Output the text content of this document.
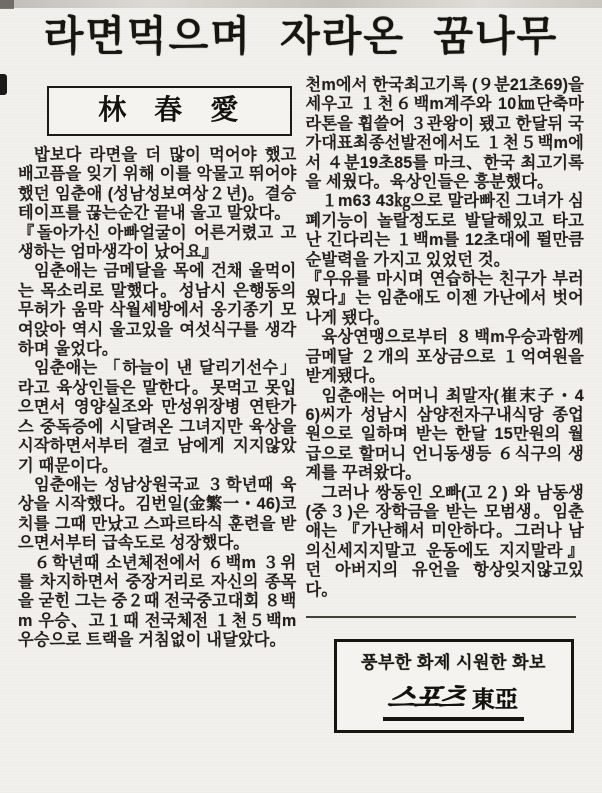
라면먹으며 자라온 꿈나무
林 春 愛

밥보다 라면을 더 많이 먹어야 했고 배고픔을 잊기 위해 이를 악물고 뛰어야 했던 임춘애 (성남성보여상２년)。결승테이프를 끊는순간 끝내 울고 말았다。

『돌아가신 아빠얼굴이 어른거렸고 고생하는 엄마생각이 났어요』

임춘애는 금메달을 목에 건채 울먹이는 목소리로 말했다。성남시 은행동의 무허가 움막 삭월세방에서 옹기종기 모여앉아 역시 울고있을 여섯식구를 생각하며 울었다。

임춘애는 「하늘이 낸 달리기선수」라고 육상인들은 말한다。못먹고 못입으면서 영양실조와 만성위장병 연탄가스 중독증에 시달려온 그녀지만 육상을 시작하면서부터 결코 남에게 지지않았기 때문이다。

임춘애는 성남상원국교 ３학년때 육상을 시작했다。김번일(金繁一・46)코치를 그때 만났고 스파르타식 훈련을 받으면서부터 급속도로 성장했다。

６학년때 소년체전에서 ６백m ３위를 차지하면서 중장거리로 자신의 종목을 굳힌 그는 중２때 전국중고대회 ８백m 우승、고１때 전국체전 １천５백m 우승으로 트랙을 거침없이 내달았다。

천m에서 한국최고기록 (９분21초69)을 세우고 １천６백m계주와 10㎞단축마라톤을 휩쓸어 ３관왕이 됐고 한달뒤 국가대표최종선발전에서도 １천５백m에서 ４분19초85를 마크、한국 최고기록을 세웠다。육상인들은 흥분했다。

１m63 43㎏으로 말라빠진 그녀가 심폐기능이 놀랄정도로 발달해있고 타고난 긴다리는 １백m를 12초대에 뛸만큼 순발력을 가지고 있었던 것。

『우유를 마시며 연습하는 친구가 부러웠다』는 임춘애도 이젠 가난에서 벗어나게 됐다。

육상연맹으로부터 ８백m우승과함께 금메달 ２개의 포상금으로 １억여원을 받게됐다。

임춘애는 어머니 최말자(崔末子・46)씨가 성남시 삼양전자구내식당 종업원으로 일하며 받는 한달 15만원의 월급으로 할머니 언니동생등 ６식구의 생계를 꾸려왔다。

그러나 쌍동인 오빠(고２) 와 남동생(중３)은 장학금을 받는 모범생。임춘애는 『가난해서 미안하다。그러나 남의신세지지말고 운동에도 지지말라』던 아버지의 유언을 항상잊지않고있다。

풍부한 화제 시원한 화보
스포츠 東亞
